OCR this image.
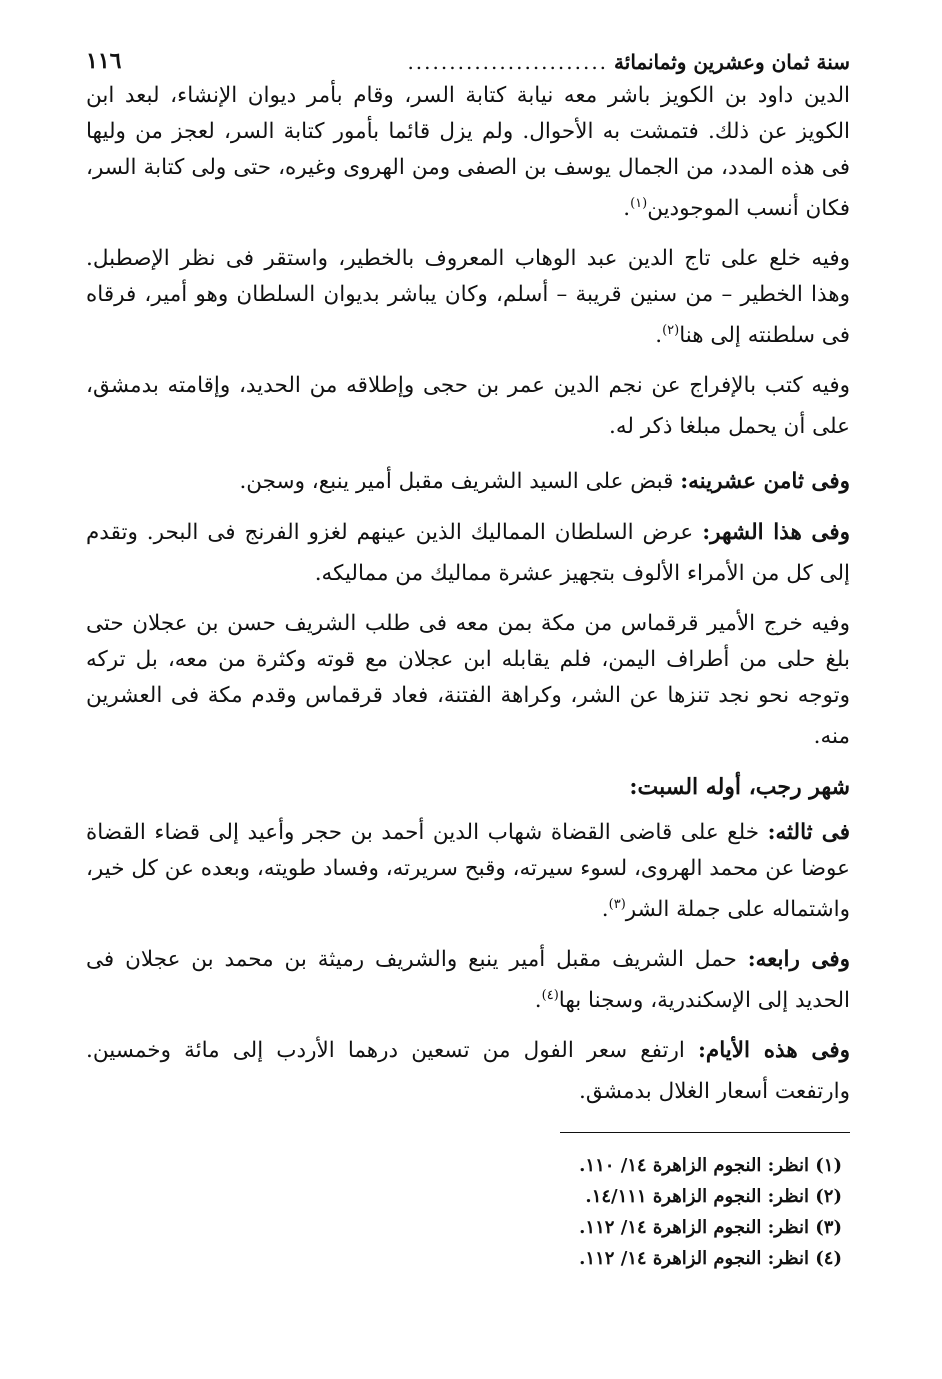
سنة ثمان وعشرين وثمانمائة
........................
١١٦

الدين داود بن الكويز باشر معه نيابة كتابة السر، وقام بأمر ديوان الإنشاء، لبعد ابن الكويز عن ذلك. فتمشت به الأحوال. ولم يزل قائما بأمور كتابة السر، لعجز من وليها فى هذه المدد، من الجمال يوسف بن الصفى ومن الهروى وغيره، حتى ولى كتابة السر، فكان أنسب الموجودين$^{(١)}$.

وفيه خلع على تاج الدين عبد الوهاب المعروف بالخطير، واستقر فى نظر الإصطبل. وهذا الخطير – من سنين قريبة – أسلم، وكان يباشر بديوان السلطان وهو أمير، فرقاه فى سلطنته إلى هنا$^{(٢)}$.

وفيه كتب بالإفراج عن نجم الدين عمر بن حجى وإطلاقه من الحديد، وإقامته بدمشق، على أن يحمل مبلغا ذكر له.

وفى ثامن عشرينه: قبض على السيد الشريف مقبل أمير ينبع، وسجن.

وفى هذا الشهر: عرض السلطان المماليك الذين عينهم لغزو الفرنج فى البحر. وتقدم إلى كل من الأمراء الألوف بتجهيز عشرة مماليك من مماليكه.

وفيه خرج الأمير قرقماس من مكة بمن معه فى طلب الشريف حسن بن عجلان حتى بلغ حلى من أطراف اليمن، فلم يقابله ابن عجلان مع قوته وكثرة من معه، بل تركه وتوجه نحو نجد تنزها عن الشر، وكراهة الفتنة، فعاد قرقماس وقدم مكة فى العشرين منه.

شهر رجب، أوله السبت:

فى ثالثه: خلع على قاضى القضاة شهاب الدين أحمد بن حجر وأعيد إلى قضاء القضاة عوضا عن محمد الهروى، لسوء سيرته، وقبح سريرته، وفساد طويته، وبعده عن كل خير، واشتماله على جملة الشر$^{(٣)}$.

وفى رابعه: حمل الشريف مقبل أمير ينبع والشريف رميثة بن محمد بن عجلان فى الحديد إلى الإسكندرية، وسجنا بها$^{(٤)}$.

وفى هذه الأيام: ارتفع سعر الفول من تسعين درهما الأردب إلى مائة وخمسين. وارتفعت أسعار الغلال بدمشق.

(١) انظر: النجوم الزاهرة ١٤/ ١١٠.

(٢) انظر: النجوم الزاهرة ١٤/١١١.

(٣) انظر: النجوم الزاهرة ١٤/ ١١٢.

(٤) انظر: النجوم الزاهرة ١٤/ ١١٢.
